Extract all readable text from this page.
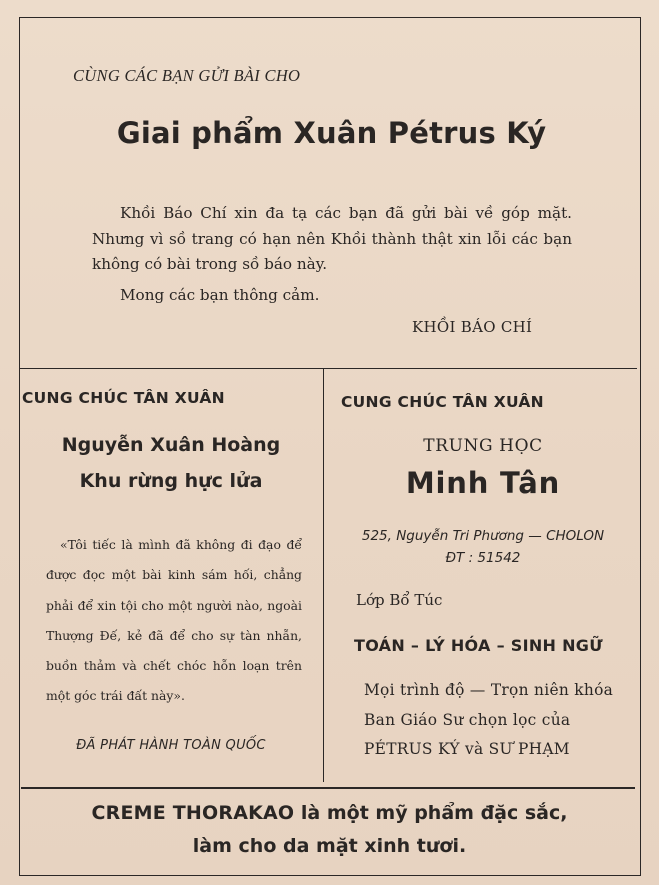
CÙNG CÁC BẠN GỬI BÀI CHO
Giai phẩm Xuân Pétrus Ký
Khồi Báo Chí xin đa tạ các bạn đã gửi bài về góp mặt. Nhưng vì sồ trang có hạn nên Khồi thành thật xin lỗi các bạn không có bài trong sồ báo này.
Mong các bạn thông cảm.
KHỒI BÁO CHÍ
CUNG CHÚC TÂN XUÂN
Nguyễn Xuân Hoàng
Khu rừng hực lửa
«Tôi tiếc là mình đã không đi đạo để được đọc một bài kinh sám hối, chẳng phải để xin tội cho một người nào, ngoài Thượng Đế, kẻ đã để cho sự tàn nhẫn, buồn thảm và chết chóc hỗn loạn trên một góc trái đất này».
ĐÃ PHÁT HÀNH TOÀN QUỐC
CUNG CHÚC TÂN XUÂN
TRUNG HỌC
Minh Tân
525, Nguyễn Tri Phương — CHOLON
ĐT : 51542
Lớp Bổ Túc
TOÁN – LÝ HÓA – SINH NGỮ
Mọi trình độ — Trọn niên khóa
Ban Giáo Sư chọn lọc của
PÉTRUS KÝ và SƯ PHẠM
CREME THORAKAO là một mỹ phẩm đặc sắc,
làm cho da mặt xinh tươi.
